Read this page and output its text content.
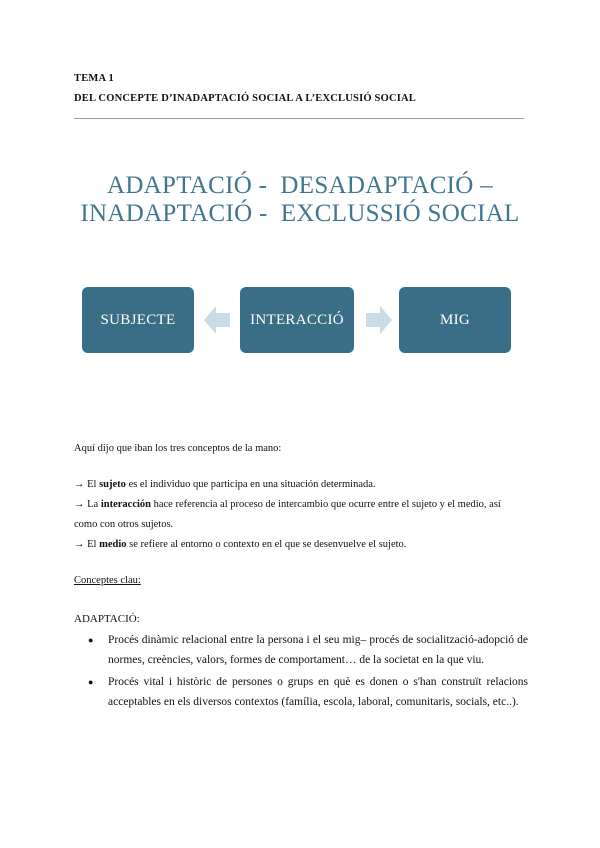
TEMA 1
DEL CONCEPTE D’INADAPTACIÓ SOCIAL A L’EXCLUSIÓ SOCIAL
ADAPTACIÓ -  DESADAPTACIÓ –
INADAPTACIÓ -  EXCLUSSIÓ SOCIAL
SUBJECTE	INTERACCIÓ	MIG
Aquí dijo que iban los tres conceptos de la mano:
→ El sujeto es el individuo que participa en una situación determinada.
→ La interacción hace referencia al proceso de intercambio que ocurre entre el sujeto y el medio, así
como con otros sujetos.
→ El medio se refiere al entorno o contexto en el que se desenvuelve el sujeto.
Conceptes clau:
ADAPTACIÓ:
● Procés dinàmic relacional entre la persona i el seu mig– procés de socialització-adopció de normes, creències, valors, formes de comportament… de la societat en la que viu.
● Procés vital i històric de persones o grups en què es donen o s'han construït relacions acceptables en els diversos contextos (família, escola, laboral, comunitaris, socials, etc..).
